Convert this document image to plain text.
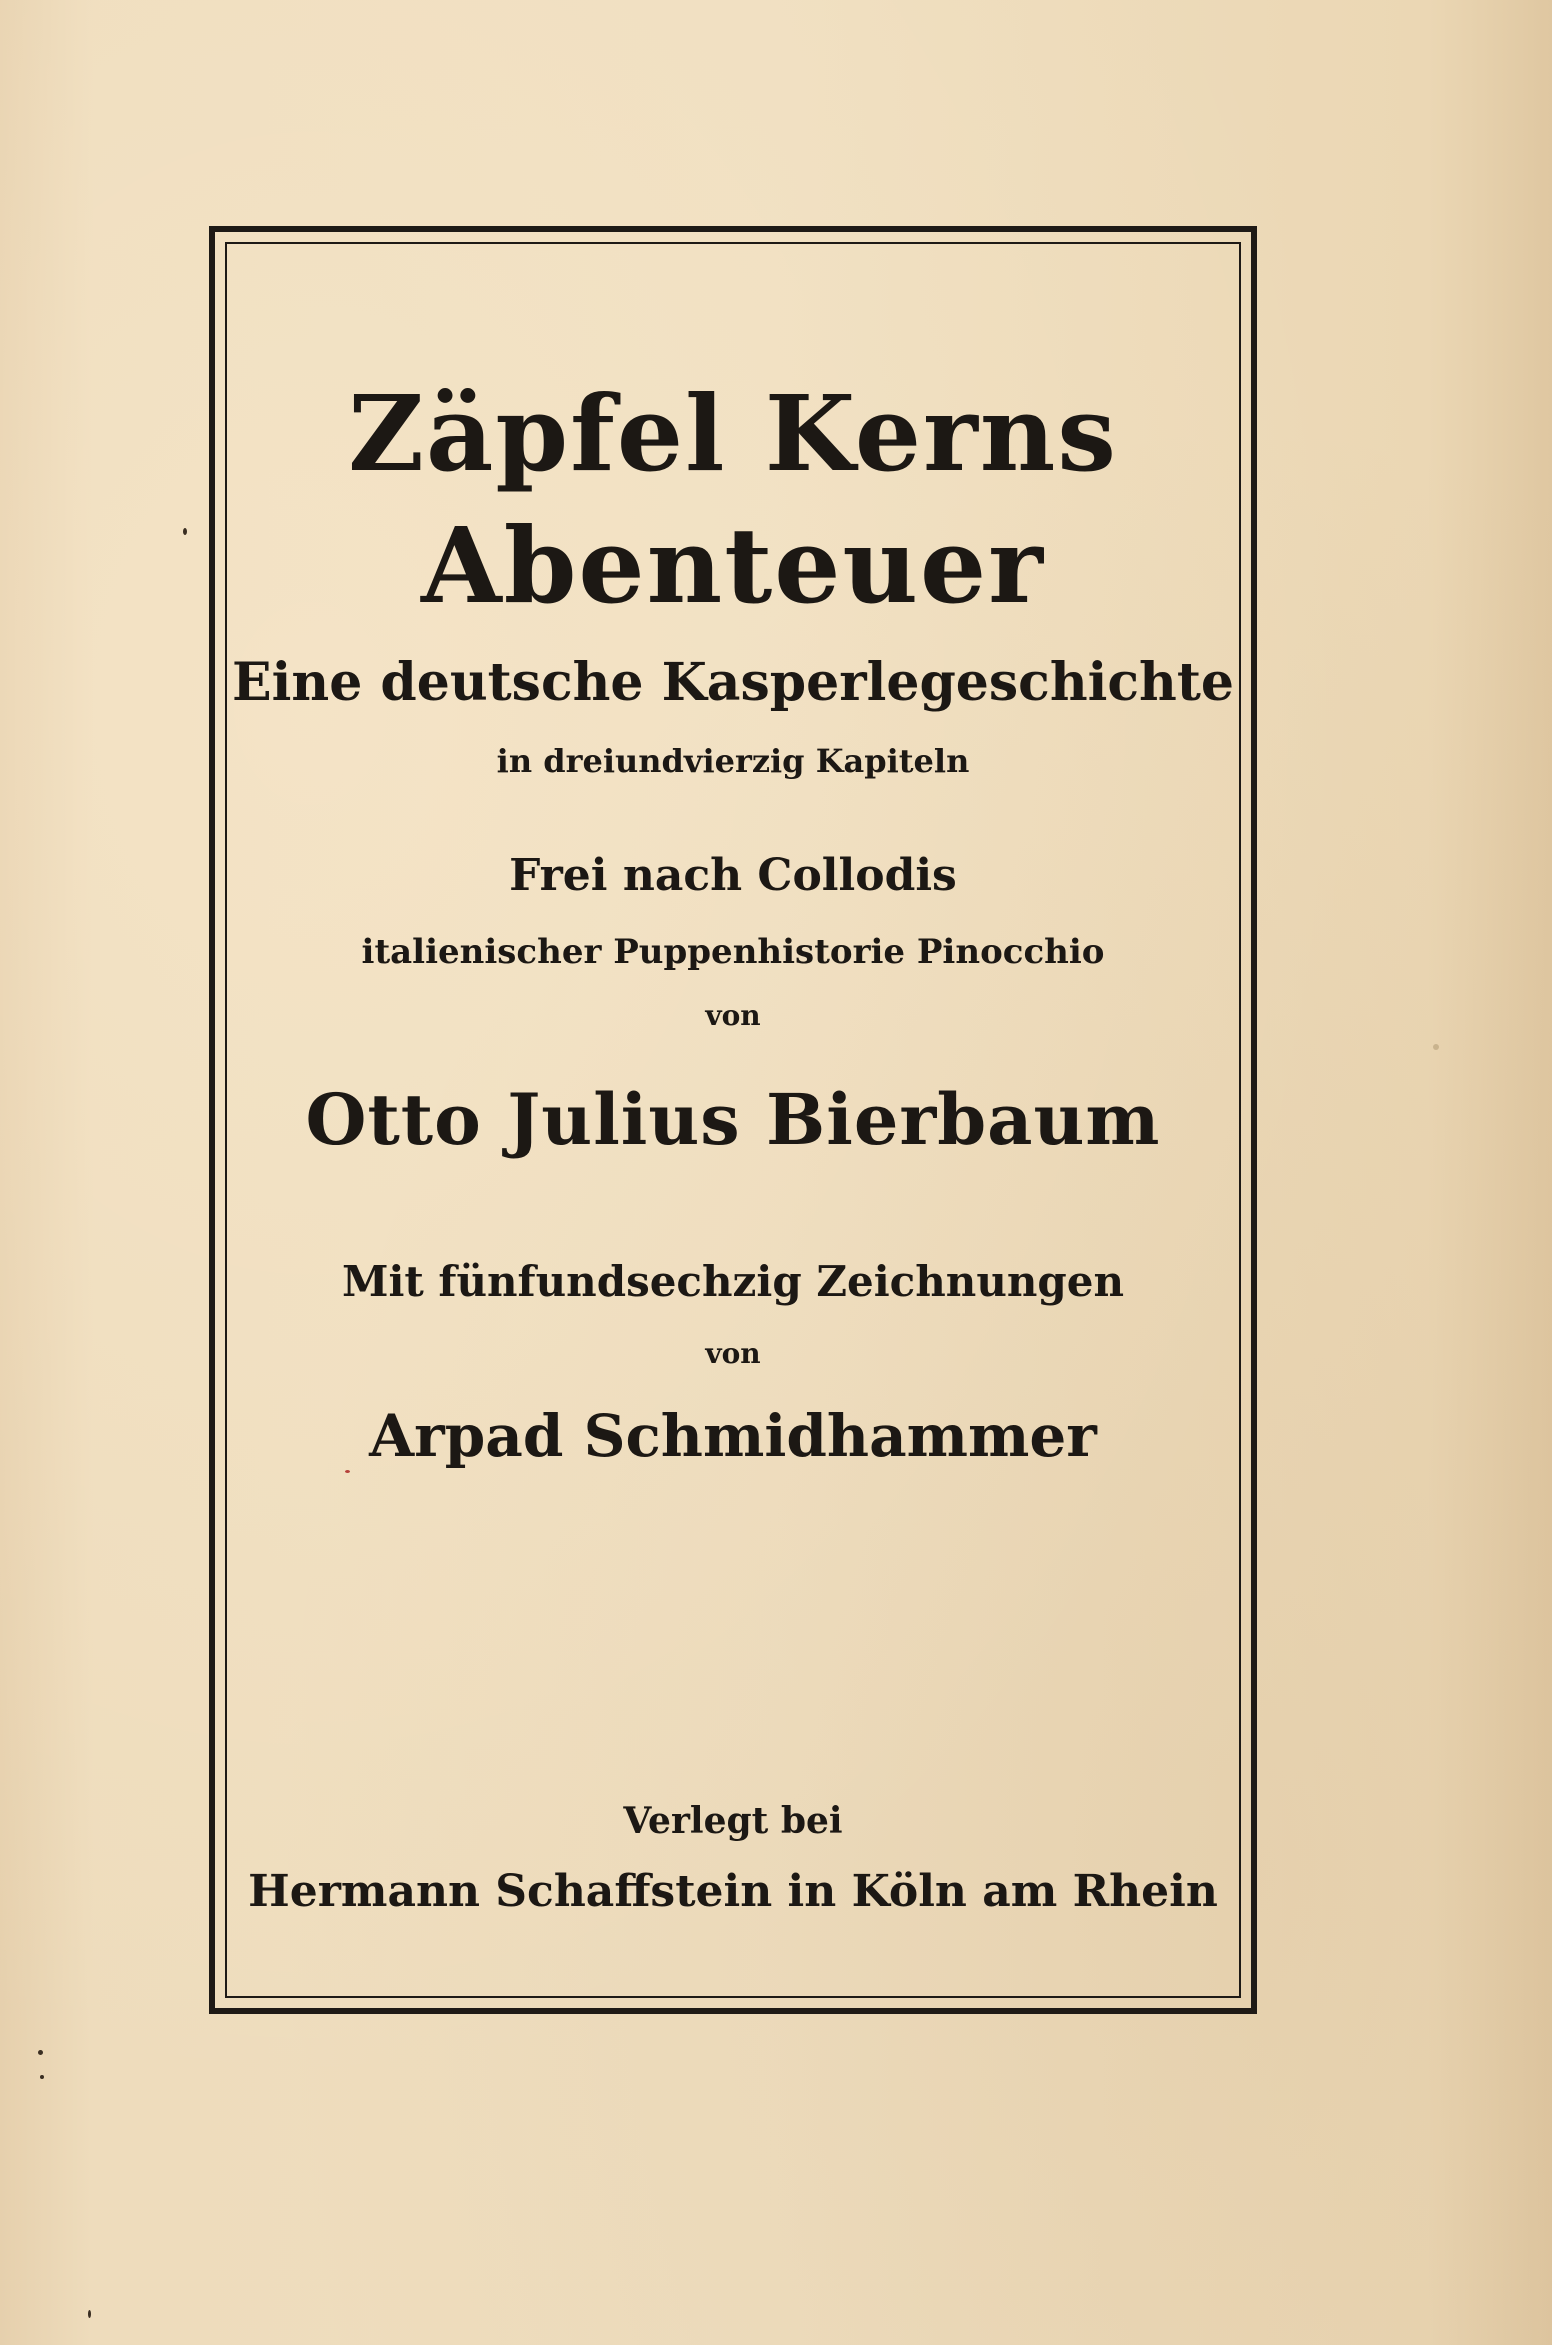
Zäpfel Kerns
Abenteuer
Eine deutsche Kasperlegeschichte
in dreiundvierzig Kapiteln
Frei nach Collodis
italienischer Puppenhistorie Pinocchio
von
Otto Julius Bierbaum
Mit fünfundsechzig Zeichnungen
von
Arpad Schmidhammer
Verlegt bei
Hermann Schaffstein in Köln am Rhein
